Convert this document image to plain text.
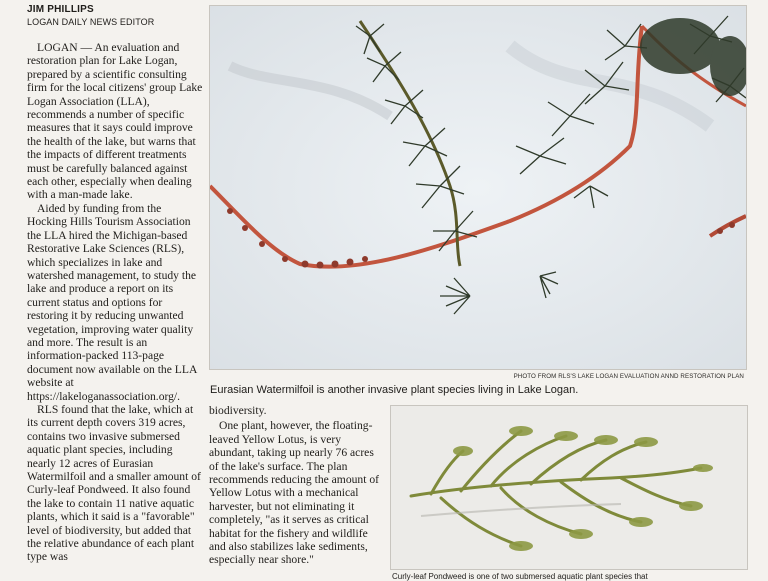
JIM PHILLIPS
LOGAN DAILY NEWS EDITOR

LOGAN — An evaluation and restoration plan for Lake Logan, prepared by a scientific consulting firm for the local citizens' group Lake Logan Association (LLA), recommends a number of specific measures that it says could improve the health of the lake, but warns that the impacts of different treatments must be carefully balanced against each other, especially when dealing with a man-made lake.

Aided by funding from the Hocking Hills Tourism Association the LLA hired the Michigan-based Restorative Lake Sciences (RLS), which specializes in lake and watershed management, to study the lake and produce a report on its current status and options for restoring it by reducing unwanted vegetation, improving water quality and more. The result is an information-packed 113-page document now available on the LLA website at https://lakeloganassociation.org/.

RLS found that the lake, which at its current depth covers 319 acres, contains two invasive submersed aquatic plant species, including nearly 12 acres of Eurasian Watermilfoil and a smaller amount of Curly-leaf Pondweed. It also found the lake to contain 11 native aquatic plants, which it said is a "favorable" level of biodiversity, but added that the relative abundance of each plant type was

PHOTO FROM RLS'S LAKE LOGAN EVALUATION ANND RESTORATION PLAN
Eurasian Watermilfoil is another invasive plant species living in Lake Logan.

biodiversity.

One plant, however, the floating-leaved Yellow Lotus, is very abundant, taking up nearly 76 acres of the lake's surface. The plan recommends reducing the amount of Yellow Lotus with a mechanical harvester, but not eliminating it completely, "as it serves as critical habitat for the fishery and wildlife and also stabilizes lake sediments, especially near shore."

Curly-leaf Pondweed is one of two submersed aquatic plant species that
